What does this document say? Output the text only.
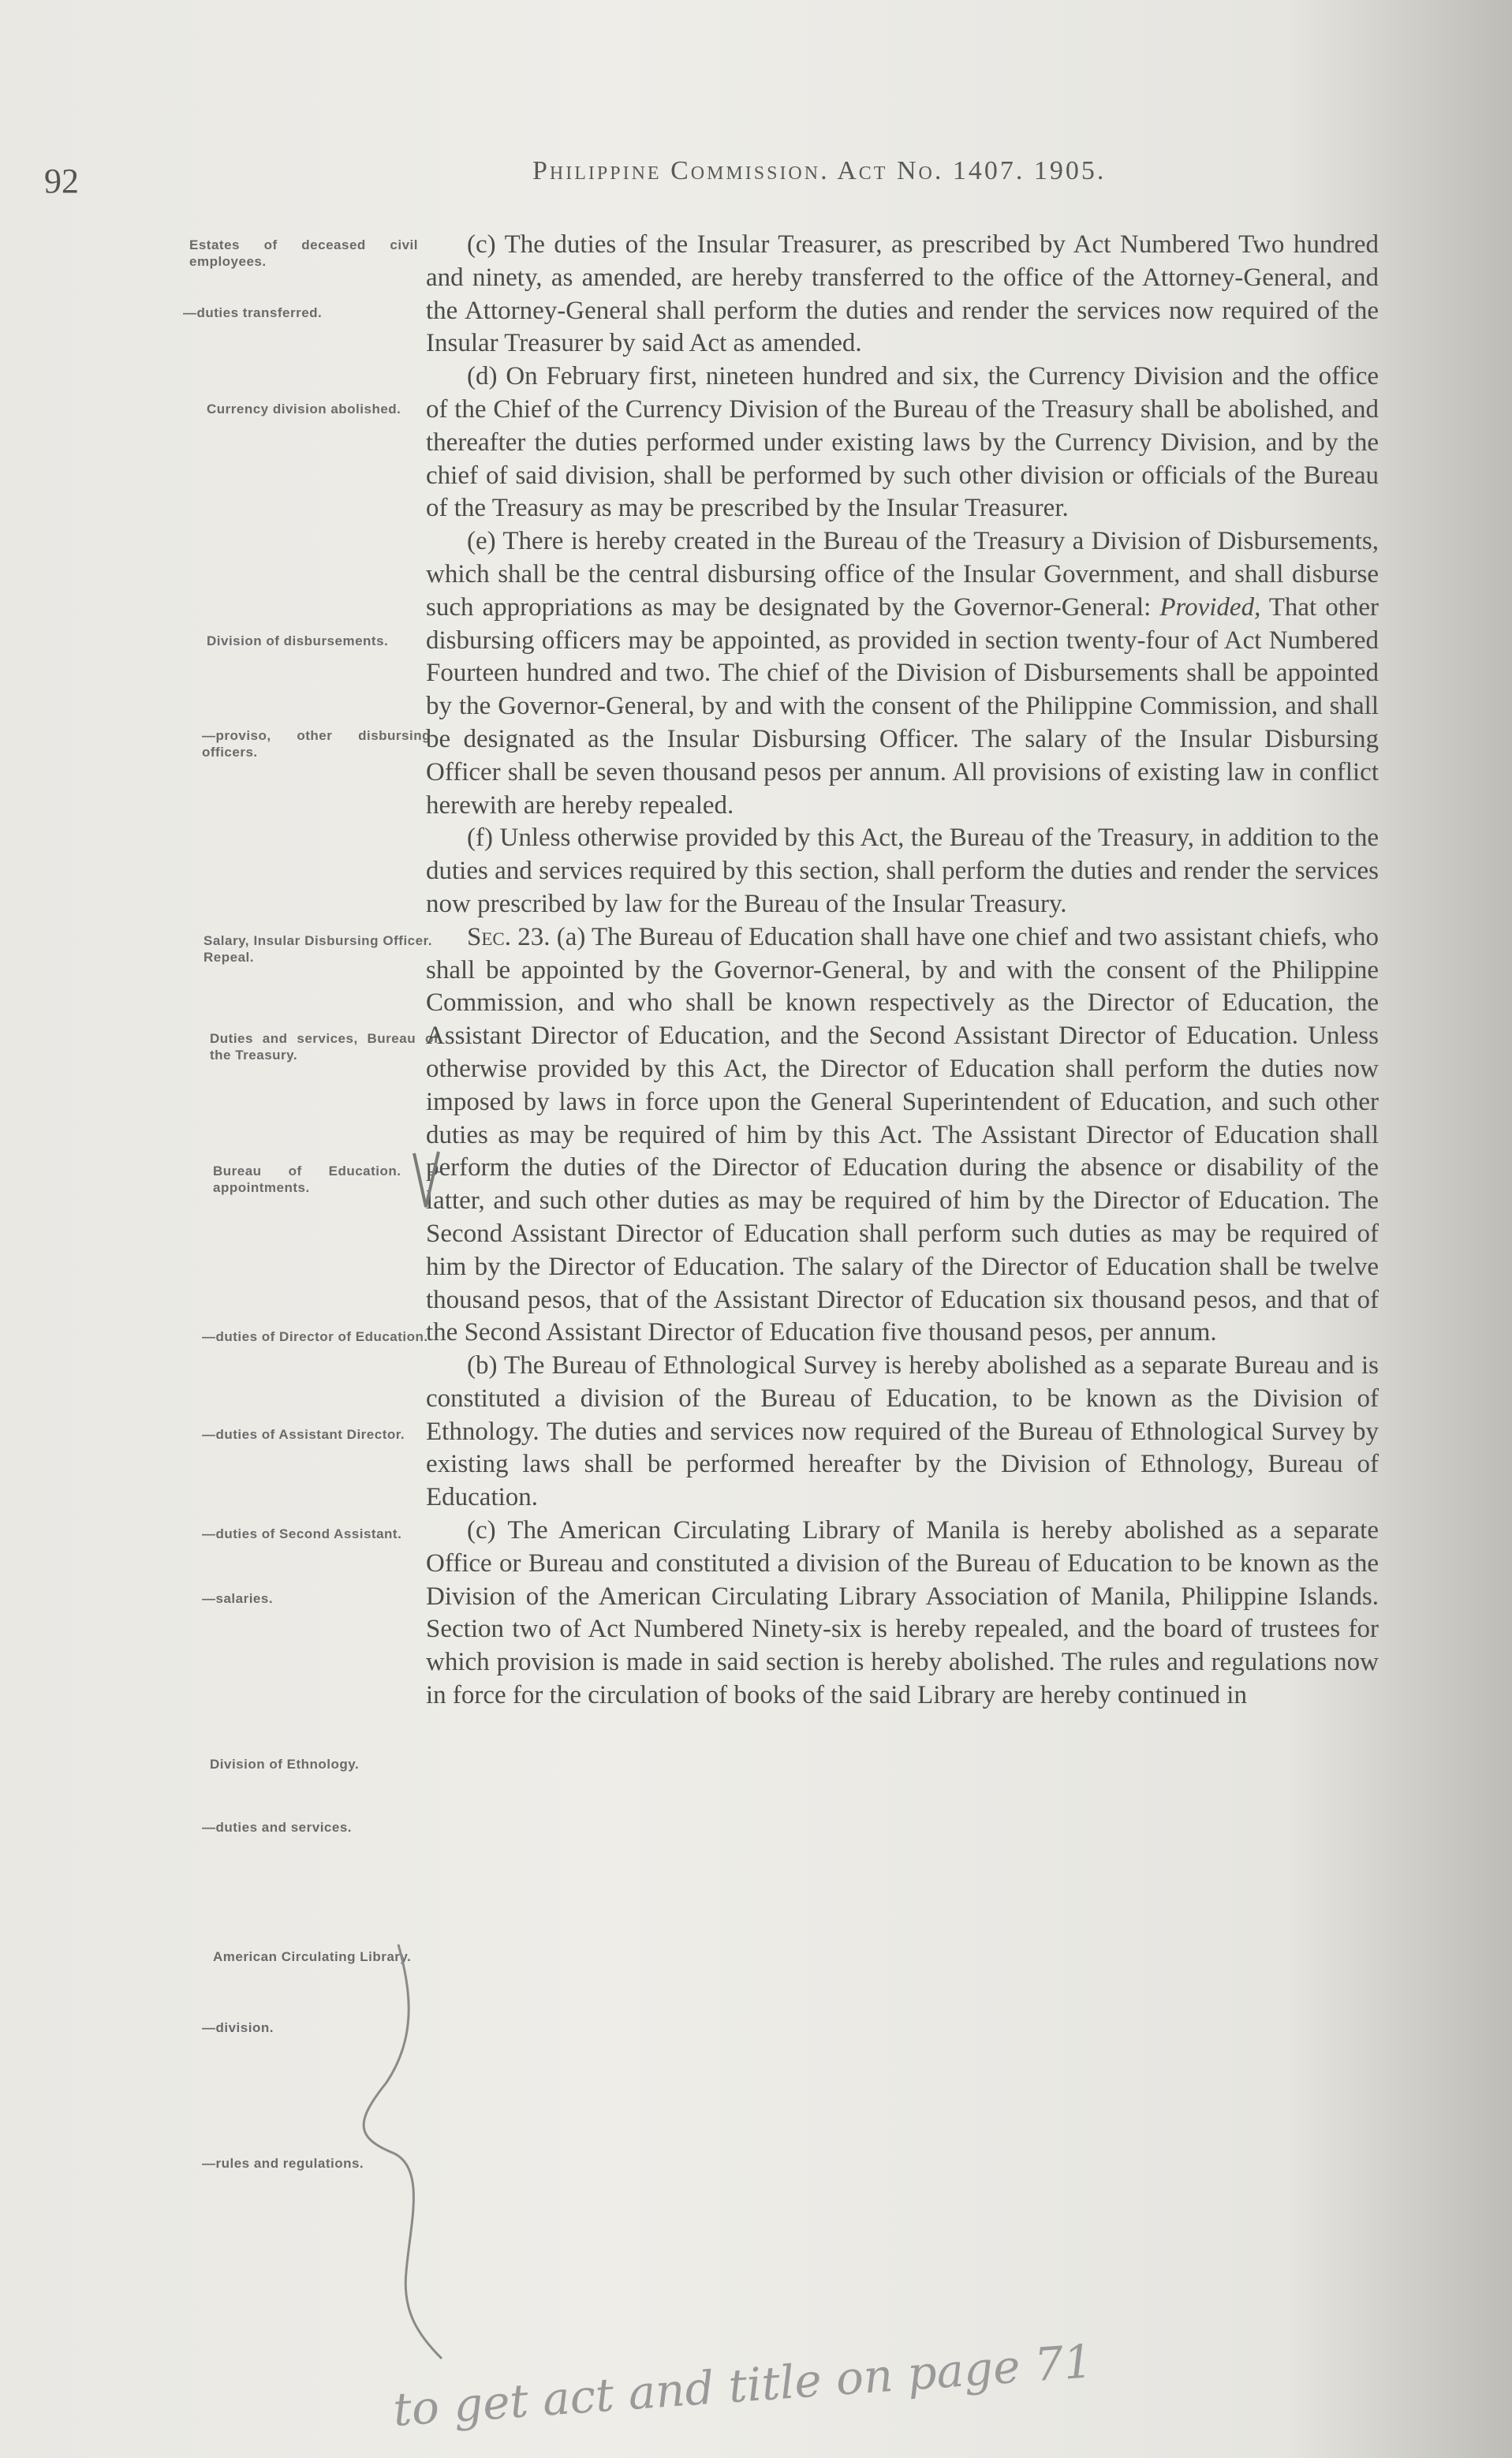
92	Philippine Commission. Act No. 1407. 1905.
Estates of deceased civil employees.
—duties transferred.
Currency division abolished.
Division of disbursements.
—proviso, other disbursing officers.
Salary, Insular Disbursing Officer. Repeal.
Duties and services, Bureau of the Treasury.
Bureau of Education. —appointments.
—duties of Director of Education.
—duties of Assistant Director.
—duties of Second Assistant.
—salaries.
Division of Ethnology.
—duties and services.
American Circulating Library.
—division.
—rules and regulations.

(c) The duties of the Insular Treasurer, as prescribed by Act Numbered Two hundred and ninety, as amended, are hereby transferred to the office of the Attorney-General, and the Attorney-General shall perform the duties and render the services now required of the Insular Treasurer by said Act as amended.

(d) On February first, nineteen hundred and six, the Currency Division and the office of the Chief of the Currency Division of the Bureau of the Treasury shall be abolished, and thereafter the duties performed under existing laws by the Currency Division, and by the chief of said division, shall be performed by such other division or officials of the Bureau of the Treasury as may be prescribed by the Insular Treasurer.

(e) There is hereby created in the Bureau of the Treasury a Division of Disbursements, which shall be the central disbursing office of the Insular Government, and shall disburse such appropriations as may be designated by the Governor-General: Provided, That other disbursing officers may be appointed, as provided in section twenty-four of Act Numbered Fourteen hundred and two. The chief of the Division of Disbursements shall be appointed by the Governor-General, by and with the consent of the Philippine Commission, and shall be designated as the Insular Disbursing Officer. The salary of the Insular Disbursing Officer shall be seven thousand pesos per annum. All provisions of existing law in conflict herewith are hereby repealed.

(f) Unless otherwise provided by this Act, the Bureau of the Treasury, in addition to the duties and services required by this section, shall perform the duties and render the services now prescribed by law for the Bureau of the Insular Treasury.

Sec. 23. (a) The Bureau of Education shall have one chief and two assistant chiefs, who shall be appointed by the Governor-General, by and with the consent of the Philippine Commission, and who shall be known respectively as the Director of Education, the Assistant Director of Education, and the Second Assistant Director of Education. Unless otherwise provided by this Act, the Director of Education shall perform the duties now imposed by laws in force upon the General Superintendent of Education, and such other duties as may be required of him by this Act. The Assistant Director of Education shall perform the duties of the Director of Education during the absence or disability of the latter, and such other duties as may be required of him by the Director of Education. The Second Assistant Director of Education shall perform such duties as may be required of him by the Director of Education. The salary of the Director of Education shall be twelve thousand pesos, that of the Assistant Director of Education six thousand pesos, and that of the Second Assistant Director of Education five thousand pesos, per annum.

(b) The Bureau of Ethnological Survey is hereby abolished as a separate Bureau and is constituted a division of the Bureau of Education, to be known as the Division of Ethnology. The duties and services now required of the Bureau of Ethnological Survey by existing laws shall be performed hereafter by the Division of Ethnology, Bureau of Education.

(c) The American Circulating Library of Manila is hereby abolished as a separate Office or Bureau and constituted a division of the Bureau of Education to be known as the Division of the American Circulating Library Association of Manila, Philippine Islands. Section two of Act Numbered Ninety-six is hereby repealed, and the board of trustees for which provision is made in said section is hereby abolished. The rules and regulations now in force for the circulation of books of the said Library are hereby continued in

to get act and title on page 71
